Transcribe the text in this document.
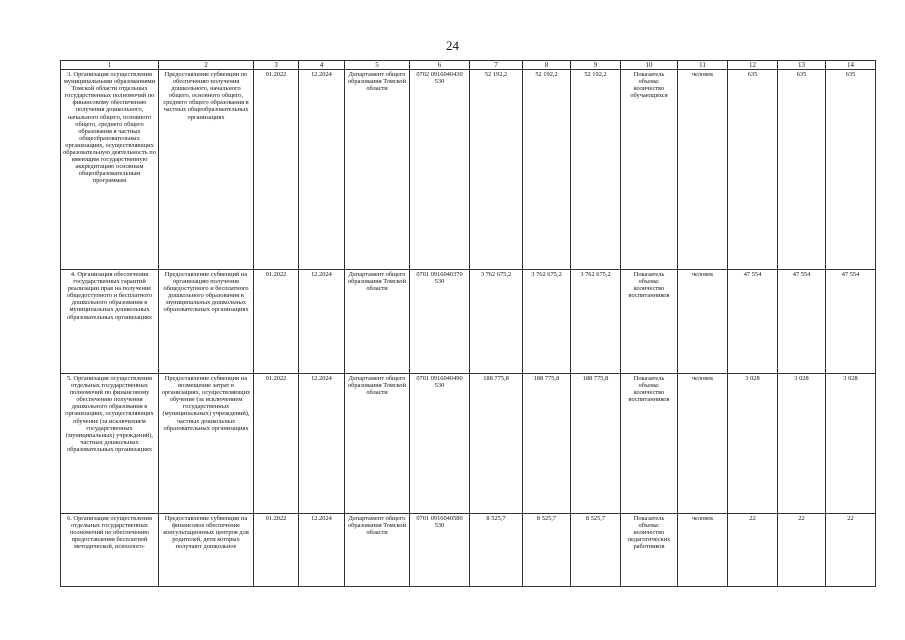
24
1	2	3	4	5	6	7	8	9	10	11	12	13	14
3. Организация осуществления муниципальными образованиями Томской области отдельных государственных полномочий по финансовому обеспечению получения дошкольного, начального общего, основного общего, среднего общего образования в частных общеобразовательных организациях, осуществляющих образовательную деятельность по имеющим государственную аккредитацию основным общеобразовательным программам	Предоставление субвенции по обеспечению получения дошкольного, начального общего, основного общего, среднего общего образования в частных общеобразовательных организациях	01.2022	12.2024	Департамент общего образования Томской области	0702 0916040430 530	52 192,2	52 192,2	52 192,2	Показатель объема: количество обучающихся	человек	635	635	635
4. Организация обеспечения государственных гарантий реализации прав на получение общедоступного и бесплатного дошкольного образования в муниципальных дошкольных образовательных организациях	Предоставление субвенций на организацию получения общедоступного и бесплатного дошкольного образования в муниципальных дошкольных образовательных организациях	01.2022	12.2024	Департамент общего образования Томской области	0701 0916040370 530	3 762 675,2	3 762 675,2	3 762 675,2	Показатель объема: количество воспитанников	человек	47 554	47 554	47 554
5. Организация осуществления отдельных государственных полномочий по финансовому обеспечению получения дошкольного образования в организациях, осуществляющих обучение (за исключением государственных (муниципальных) учреждений), частных дошкольных образовательных организациях	Предоставление субвенции на возмещение затрат в организациях, осуществляющих обучение (за исключением государственных (муниципальных) учреждений), частных дошкольных образовательных организациях	01.2022	12.2024	Департамент общего образования Томской области	0701 0916040490 530	188 775,8	188 775,8	188 775,8	Показатель объема: количество воспитанников	человек	3 028	3 028	3 028
6. Организация осуществления отдельных государственных полномочий по обеспечению предоставления бесплатной методической, психолого-	Предоставление субвенции на финансовое обеспечение консультационных центров для родителей, дети которых получают дошкольное	01.2022	12.2024	Департамент общего образования Томской области	0701 0916040580 530	8 525,7	8 525,7	8 525,7	Показатель объема: количество педагогических работников	человек	22	22	22
